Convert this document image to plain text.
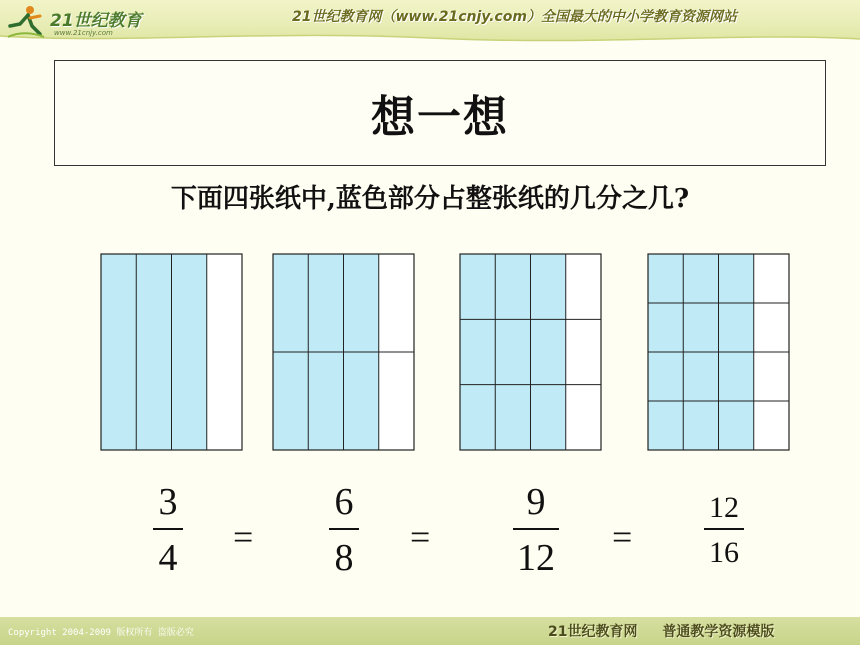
21世纪教育
www.21cnjy.com
21世纪教育网（www.21cnjy.com）全国最大的中小学教育资源网站
想一想
下面四张纸中,蓝色部分占整张纸的几分之几?
3
4 =
6
8	=
9
12 =
12
16
Copyright 2004-2009 版权所有 盗版必究	21世纪教育网 普通教学资源模版
